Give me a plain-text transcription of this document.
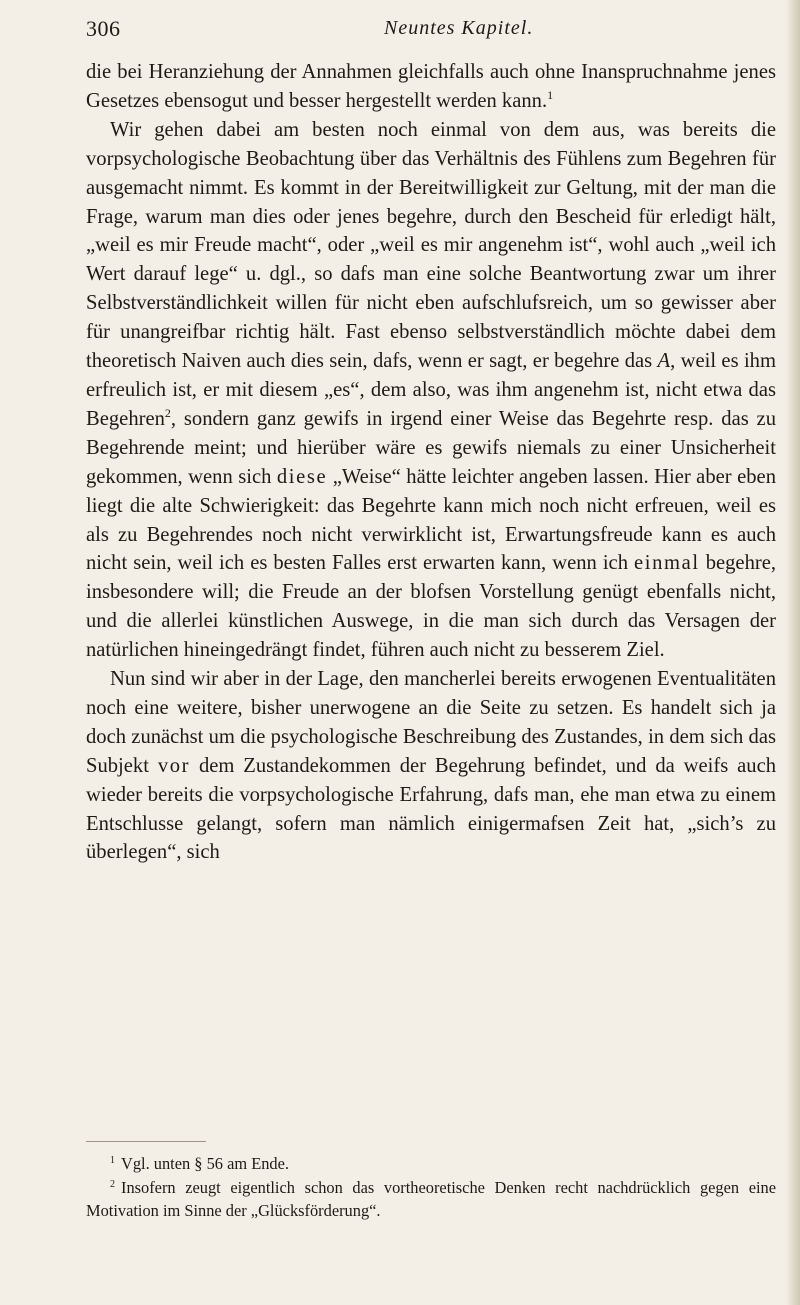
306	Neuntes Kapitel.

die bei Heranziehung der Annahmen gleichfalls auch ohne Inanspruchnahme jenes Gesetzes ebensogut und besser hergestellt werden kann.$^1$

Wir gehen dabei am besten noch einmal von dem aus, was bereits die vorpsychologische Beobachtung über das Verhältnis des Fühlens zum Begehren für ausgemacht nimmt. Es kommt in der Bereitwilligkeit zur Geltung, mit der man die Frage, warum man dies oder jenes begehre, durch den Bescheid für erledigt hält, „weil es mir Freude macht“, oder „weil es mir angenehm ist“, wohl auch „weil ich Wert darauf lege“ u. dgl., so dafs man eine solche Beantwortung zwar um ihrer Selbstverständlichkeit willen für nicht eben aufschlufsreich, um so gewisser aber für unangreifbar richtig hält. Fast ebenso selbstverständlich möchte dabei dem theoretisch Naiven auch dies sein, dafs, wenn er sagt, er begehre das A, weil es ihm erfreulich ist, er mit diesem „es“, dem also, was ihm angenehm ist, nicht etwa das Begehren$^2$, sondern ganz gewifs in irgend einer Weise das Begehrte resp. das zu Begehrende meint; und hierüber wäre es gewifs niemals zu einer Unsicherheit gekommen, wenn sich diese „Weise“ hätte leichter angeben lassen. Hier aber eben liegt die alte Schwierigkeit: das Begehrte kann mich noch nicht erfreuen, weil es als zu Begehrendes noch nicht verwirklicht ist, Erwartungsfreude kann es auch nicht sein, weil ich es besten Falles erst erwarten kann, wenn ich einmal begehre, insbesondere will; die Freude an der blofsen Vorstellung genügt ebenfalls nicht, und die allerlei künstlichen Auswege, in die man sich durch das Versagen der natürlichen hineingedrängt findet, führen auch nicht zu besserem Ziel.

Nun sind wir aber in der Lage, den mancherlei bereits erwogenen Eventualitäten noch eine weitere, bisher unerwogene an die Seite zu setzen. Es handelt sich ja doch zunächst um die psychologische Beschreibung des Zustandes, in dem sich das Subjekt vor dem Zustandekommen der Begehrung befindet, und da weifs auch wieder bereits die vorpsychologische Erfahrung, dafs man, ehe man etwa zu einem Entschlusse gelangt, sofern man nämlich einigermafsen Zeit hat, „sich’s zu überlegen“, sich

$^1$ Vgl. unten § 56 am Ende.

$^2$ Insofern zeugt eigentlich schon das vortheoretische Denken recht nachdrücklich gegen eine Motivation im Sinne der „Glücksförderung“.
